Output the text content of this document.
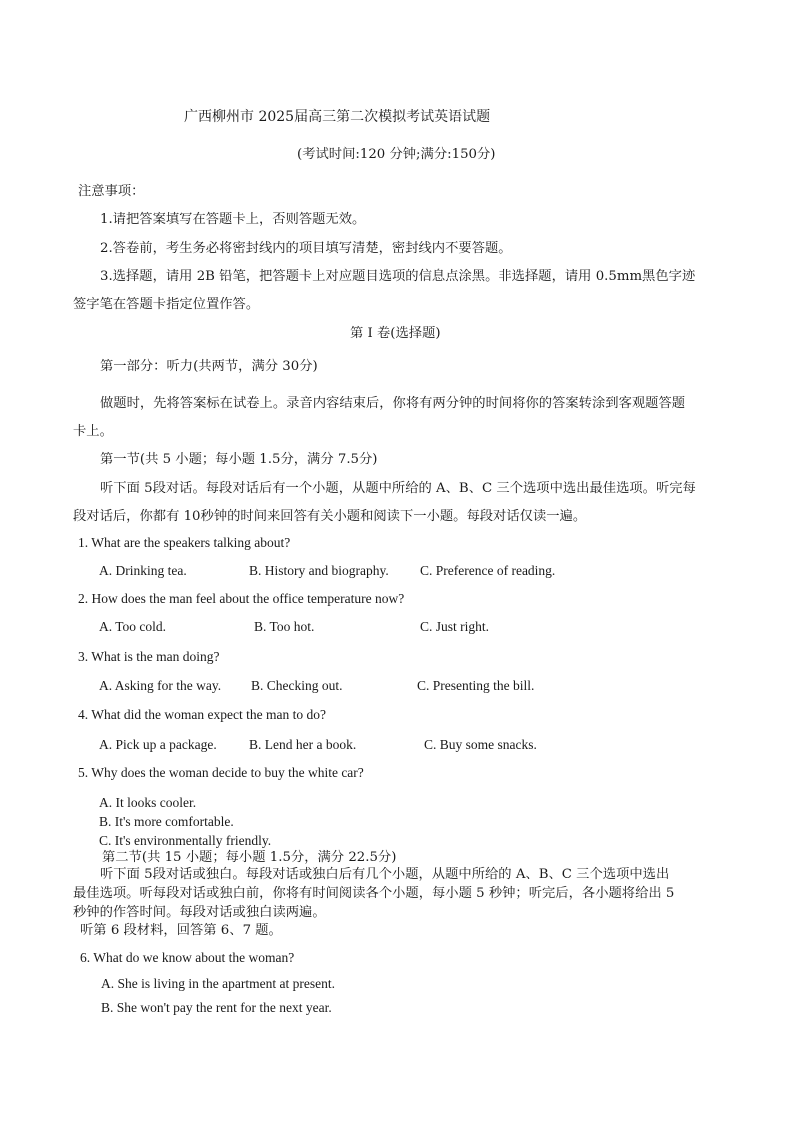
广西柳州市 2025届高三第二次模拟考试英语试题
(考试时间:120 分钟;满分:150分)
注意事项：
1.请把答案填写在答题卡上，否则答题无效。
2.答卷前，考生务必将密封线内的项目填写清楚，密封线内不要答题。
3.选择题，请用 2B 铅笔，把答题卡上对应题目选项的信息点涂黑。非选择题，请用 0.5mm黑色字迹
签字笔在答题卡指定位置作答。
第 I 卷(选择题)
第一部分：听力(共两节，满分 30分)
做题时，先将答案标在试卷上。录音内容结束后，你将有两分钟的时间将你的答案转涂到客观题答题
卡上。
第一节(共 5 小题；每小题 1.5分，满分 7.5分)
听下面 5段对话。每段对话后有一个小题，从题中所给的 A、B、C 三个选项中选出最佳选项。听完每
段对话后，你都有 10秒钟的时间来回答有关小题和阅读下一小题。每段对话仅读一遍。
1. What are the speakers talking about?
A. Drinking tea.	B. History and biography. C. Preference of reading.
2. How does the man feel about the office temperature now?
A. Too cold.	B. Too hot.	C. Just right.
3. What is the man doing?
A. Asking for the way. B. Checking out.	C. Presenting the bill.
4. What did the woman expect the man to do?
A. Pick up a package. B. Lend her a book.	C. Buy some snacks.
5. Why does the woman decide to buy the white car?
A. It looks cooler.
B. It's more comfortable.
C. It's environmentally friendly.
第二节(共 15 小题；每小题 1.5分，满分 22.5分)
听下面 5段对话或独白。每段对话或独白后有几个小题，从题中所给的 A、B、C 三个选项中选出
最佳选项。听每段对话或独白前，你将有时间阅读各个小题，每小题 5 秒钟；听完后，各小题将给出 5
秒钟的作答时间。每段对话或独白读两遍。
听第 6 段材料，回答第 6、7 题。
6. What do we know about the woman?
A. She is living in the apartment at present.
B. She won't pay the rent for the next year.
